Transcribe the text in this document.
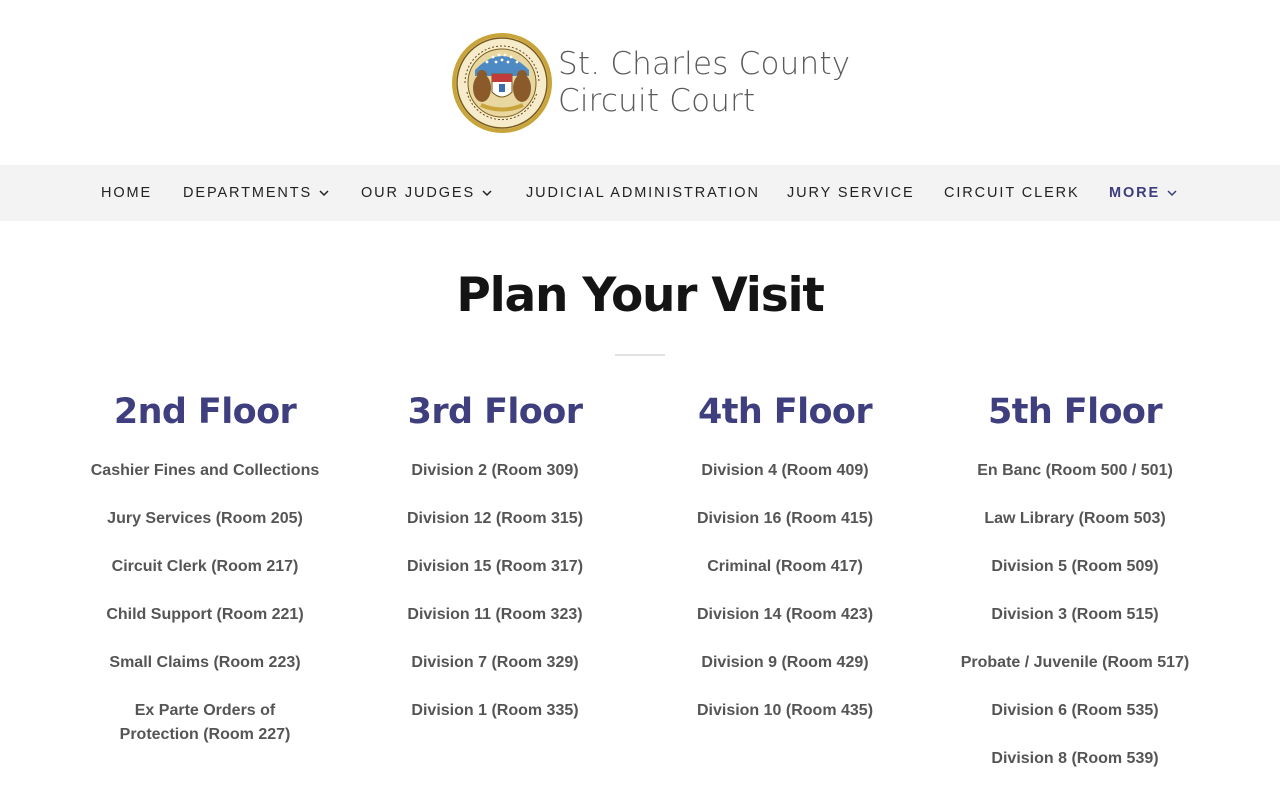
St. Charles County
Circuit Court
HOME DEPARTMENTS	OUR JUDGES	JUDICIAL ADMINISTRATION JURY SERVICE CIRCUIT CLERK MORE
Plan Your Visit
2nd Floor
Cashier Fines and Collections
Jury Services (Room 205)
Circuit Clerk (Room 217)
Child Support (Room 221)
Small Claims (Room 223)
Ex Parte Orders of Protection (Room 227)
3rd Floor
Division 2 (Room 309)
Division 12 (Room 315)
Division 15 (Room 317)
Division 11 (Room 323)
Division 7 (Room 329)
Division 1 (Room 335)
4th Floor
Division 4 (Room 409)
Division 16 (Room 415)
Criminal (Room 417)
Division 14 (Room 423)
Division 9 (Room 429)
Division 10 (Room 435)
5th Floor
En Banc (Room 500 / 501)
Law Library (Room 503)
Division 5 (Room 509)
Division 3 (Room 515)
Probate / Juvenile (Room 517)
Division 6 (Room 535)
Division 8 (Room 539)
